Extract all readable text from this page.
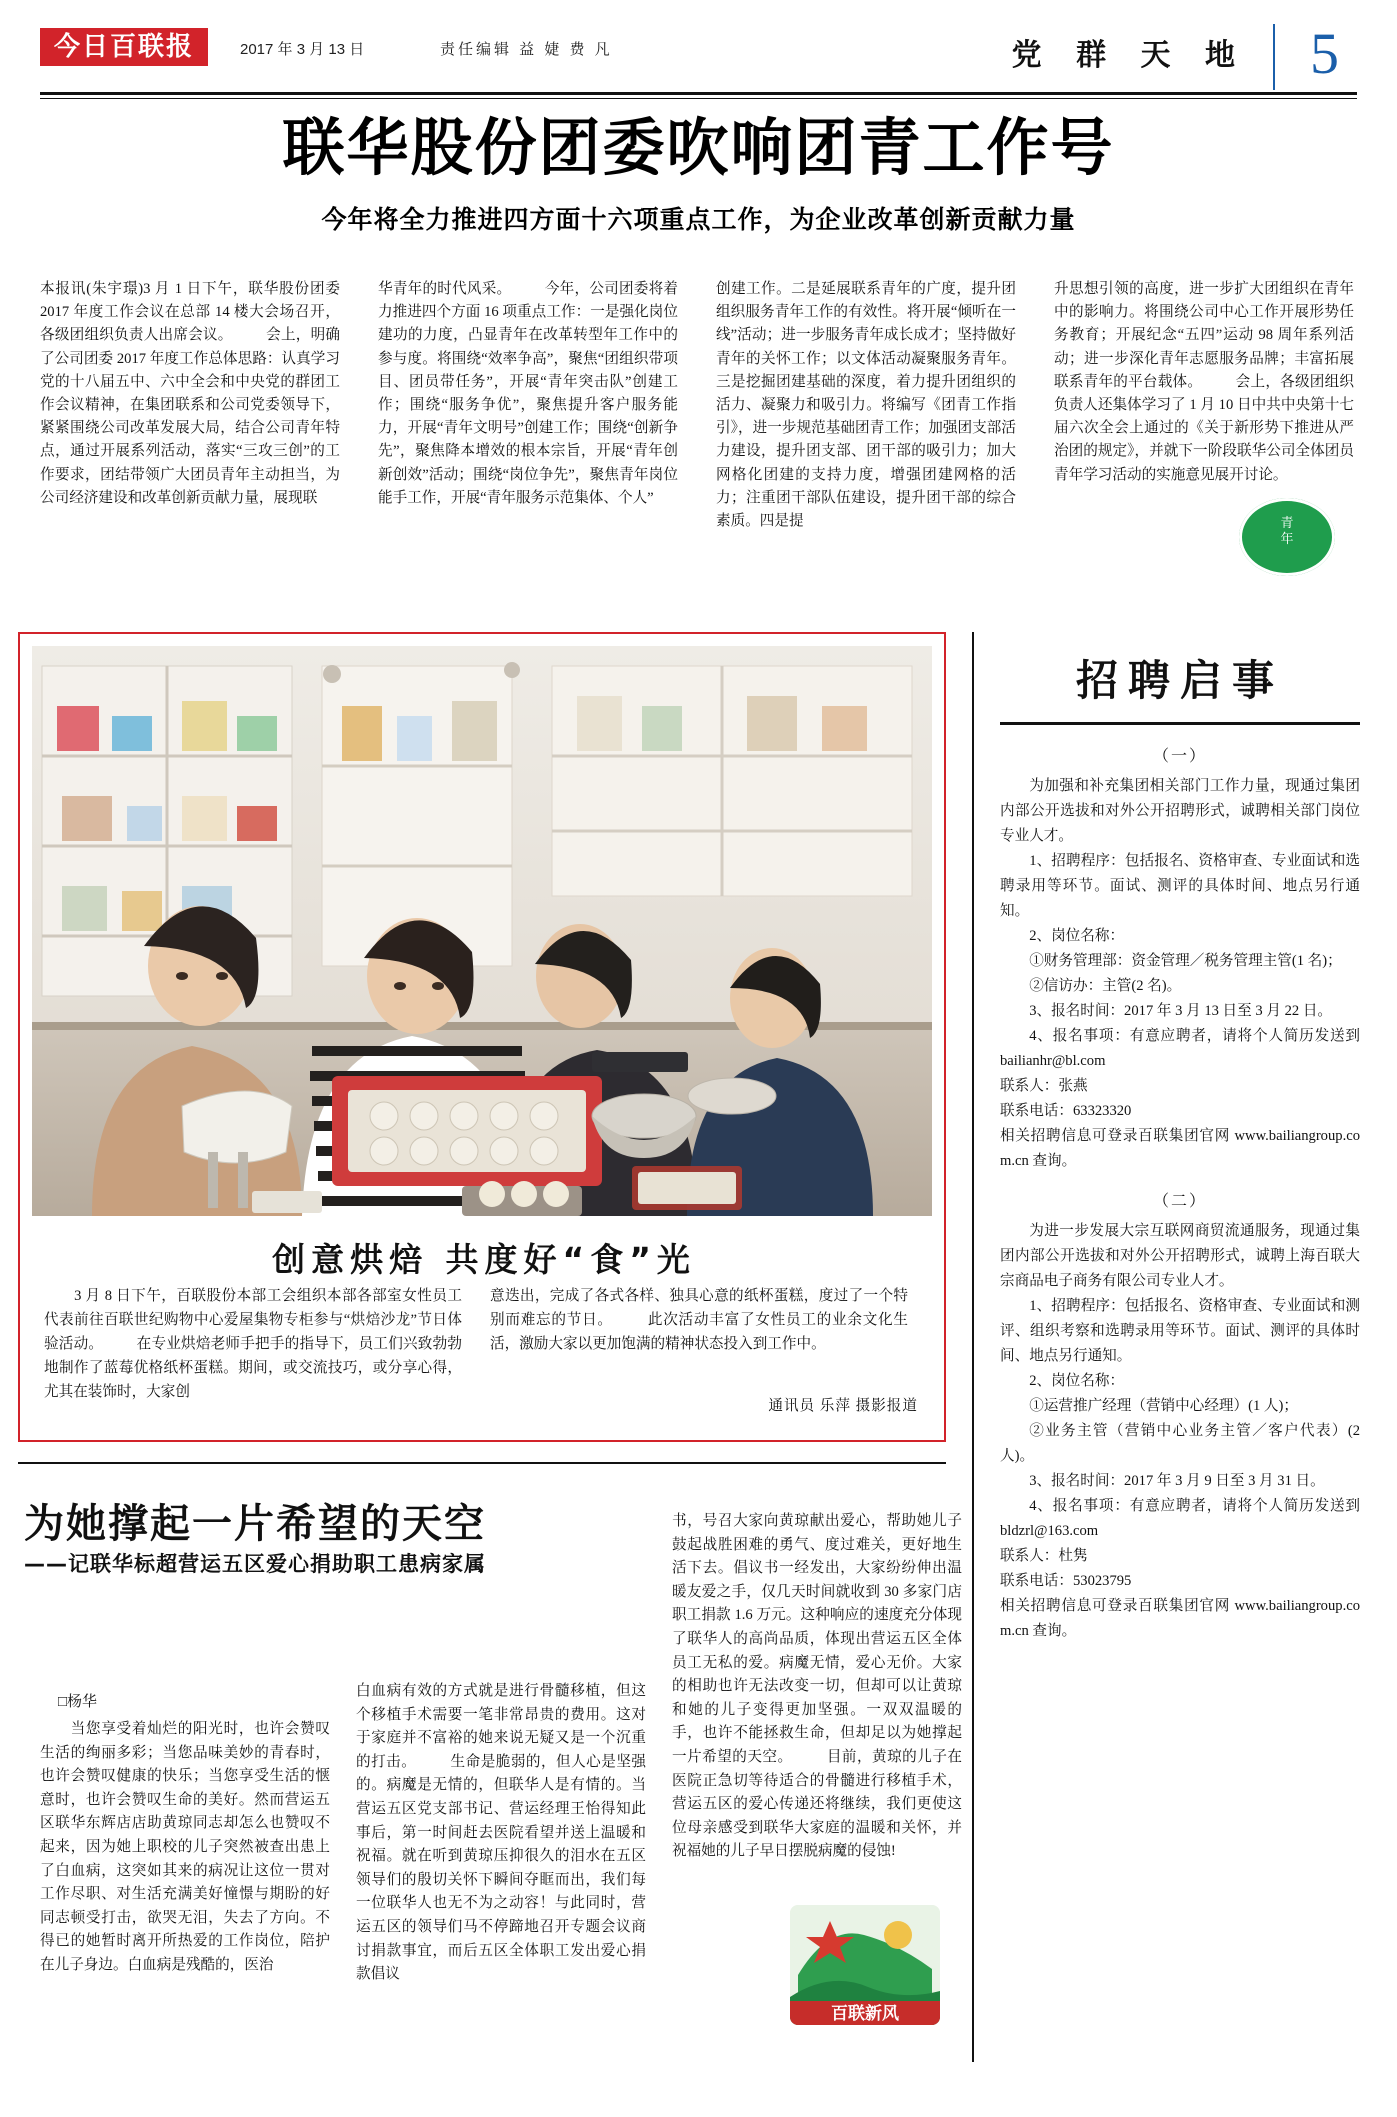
今日百联报	2017 年 3 月 13 日	责任编辑 益 婕 费 凡	党 群 天 地 5
联华股份团委吹响团青工作号
今年将全力推进四方面十六项重点工作，为企业改革创新贡献力量

本报讯(朱宇璟)3 月 1 日下午，联华股份团委 2017 年度工作会议在总部 14 楼大会场召开，各级团组织负责人出席会议。 　　会上，明确了公司团委 2017 年度工作总体思路：认真学习党的十八届五中、六中全会和中央党的群团工作会议精神，在集团联系和公司党委领导下，紧紧围绕公司改革发展大局，结合公司青年特点，通过开展系列活动，落实“三攻三创”的工作要求，团结带领广大团员青年主动担当，为公司经济建设和改革创新贡献力量，展现联

华青年的时代风采。 　　今年，公司团委将着力推进四个方面 16 项重点工作：一是强化岗位建功的力度，凸显青年在改革转型年工作中的参与度。将围绕“效率争高”，聚焦“团组织带项目、团员带任务”，开展“青年突击队”创建工作；围绕“服务争优”，聚焦提升客户服务能力，开展“青年文明号”创建工作；围绕“创新争先”，聚焦降本增效的根本宗旨，开展“青年创新创效”活动；围绕“岗位争先”，聚焦青年岗位能手工作，开展“青年服务示范集体、个人”

创建工作。二是延展联系青年的广度，提升团组织服务青年工作的有效性。将开展“倾听在一线”活动；进一步服务青年成长成才；坚持做好青年的关怀工作；以文体活动凝聚服务青年。三是挖掘团建基础的深度，着力提升团组织的活力、凝聚力和吸引力。将编写《团青工作指引》，进一步规范基础团青工作；加强团支部活力建设，提升团支部、团干部的吸引力；加大网格化团建的支持力度，增强团建网格的活力；注重团干部队伍建设，提升团干部的综合素质。四是提

升思想引领的高度，进一步扩大团组织在青年中的影响力。将围绕公司中心工作开展形势任务教育；开展纪念“五四”运动 98 周年系列活动；进一步深化青年志愿服务品牌；丰富拓展联系青年的平台载体。 　　会上，各级团组织负责人还集体学习了 1 月 10 日中共中央第十七届六次全会上通过的《关于新形势下推进从严治团的规定》，并就下一阶段联华公司全体团员青年学习活动的实施意见展开讨论。

青
年
创意烘焙 共度好“食”光
　　3 月 8 日下午，百联股份本部工会组织本部各部室女性员工代表前往百联世纪购物中心爱屋集物专柜参与“烘焙沙龙”节日体验活动。 　　在专业烘焙老师手把手的指导下，员工们兴致勃勃地制作了蓝莓优格纸杯蛋糕。期间，或交流技巧，或分享心得，尤其在装饰时，大家创
意迭出，完成了各式各样、独具心意的纸杯蛋糕，度过了一个特别而难忘的节日。 　　此次活动丰富了女性员工的业余文化生活，激励大家以更加饱满的精神状态投入到工作中。
通讯员 乐萍 摄影报道
为她撑起一片希望的天空
——记联华标超营运五区爱心捐助职工患病家属
□杨华
　　当您享受着灿烂的阳光时，也许会赞叹生活的绚丽多彩；当您品味美妙的青春时，也许会赞叹健康的快乐；当您享受生活的惬意时，也许会赞叹生命的美好。然而营运五区联华东辉店店助黄琼同志却怎么也赞叹不起来，因为她上职校的儿子突然被查出患上了白血病，这突如其来的病况让这位一贯对工作尽职、对生活充满美好憧憬与期盼的好同志顿受打击，欲哭无泪，失去了方向。不得已的她暂时离开所热爱的工作岗位，陪护在儿子身边。白血病是残酷的，医治
白血病有效的方式就是进行骨髓移植，但这个移植手术需要一笔非常昂贵的费用。这对于家庭并不富裕的她来说无疑又是一个沉重的打击。 　　生命是脆弱的，但人心是坚强的。病魔是无情的，但联华人是有情的。当营运五区党支部书记、营运经理王怡得知此事后，第一时间赶去医院看望并送上温暖和祝福。就在听到黄琼压抑很久的泪水在五区领导们的殷切关怀下瞬间夺眶而出，我们每一位联华人也无不为之动容！与此同时，营运五区的领导们马不停蹄地召开专题会议商讨捐款事宜，而后五区全体职工发出爱心捐款倡议
书，号召大家向黄琼献出爱心，帮助她儿子鼓起战胜困难的勇气、度过难关，更好地生活下去。倡议书一经发出，大家纷纷伸出温暖友爱之手，仅几天时间就收到 30 多家门店职工捐款 1.6 万元。这种响应的速度充分体现了联华人的高尚品质，体现出营运五区全体员工无私的爱。病魔无情，爱心无价。大家的相助也许无法改变一切，但却可以让黄琼和她的儿子变得更加坚强。一双双温暖的手，也许不能拯救生命，但却足以为她撑起一片希望的天空。 　　目前，黄琼的儿子在医院正急切等待适合的骨髓进行移植手术，营运五区的爱心传递还将继续，我们更使这位母亲感受到联华大家庭的温暖和关怀，并祝福她的儿子早日摆脱病魔的侵蚀!
百联新风
招聘启事
（一）

为加强和补充集团相关部门工作力量，现通过集团内部公开选拔和对外公开招聘形式，诚聘相关部门岗位专业人才。

1、招聘程序：包括报名、资格审查、专业面试和选聘录用等环节。面试、测评的具体时间、地点另行通知。

2、岗位名称：

①财务管理部：资金管理／税务管理主管(1 名)；

②信访办：主管(2 名)。

3、报名时间：2017 年 3 月 13 日至 3 月 22 日。

4、报名事项：有意应聘者，请将个人简历发送到 bailianhr@bl.com

联系人：张燕

联系电话：63323320

相关招聘信息可登录百联集团官网 www.bailiangroup.com.cn 查询。

（二）

为进一步发展大宗互联网商贸流通服务，现通过集团内部公开选拔和对外公开招聘形式，诚聘上海百联大宗商品电子商务有限公司专业人才。

1、招聘程序：包括报名、资格审查、专业面试和测评、组织考察和选聘录用等环节。面试、测评的具体时间、地点另行通知。

2、岗位名称：

①运营推广经理（营销中心经理）(1 人)；

②业务主管（营销中心业务主管／客户代表）(2 人)。

3、报名时间：2017 年 3 月 9 日至 3 月 31 日。

4、报名事项：有意应聘者，请将个人简历发送到 bldzrl@163.com

联系人：杜隽

联系电话：53023795

相关招聘信息可登录百联集团官网 www.bailiangroup.com.cn 查询。
